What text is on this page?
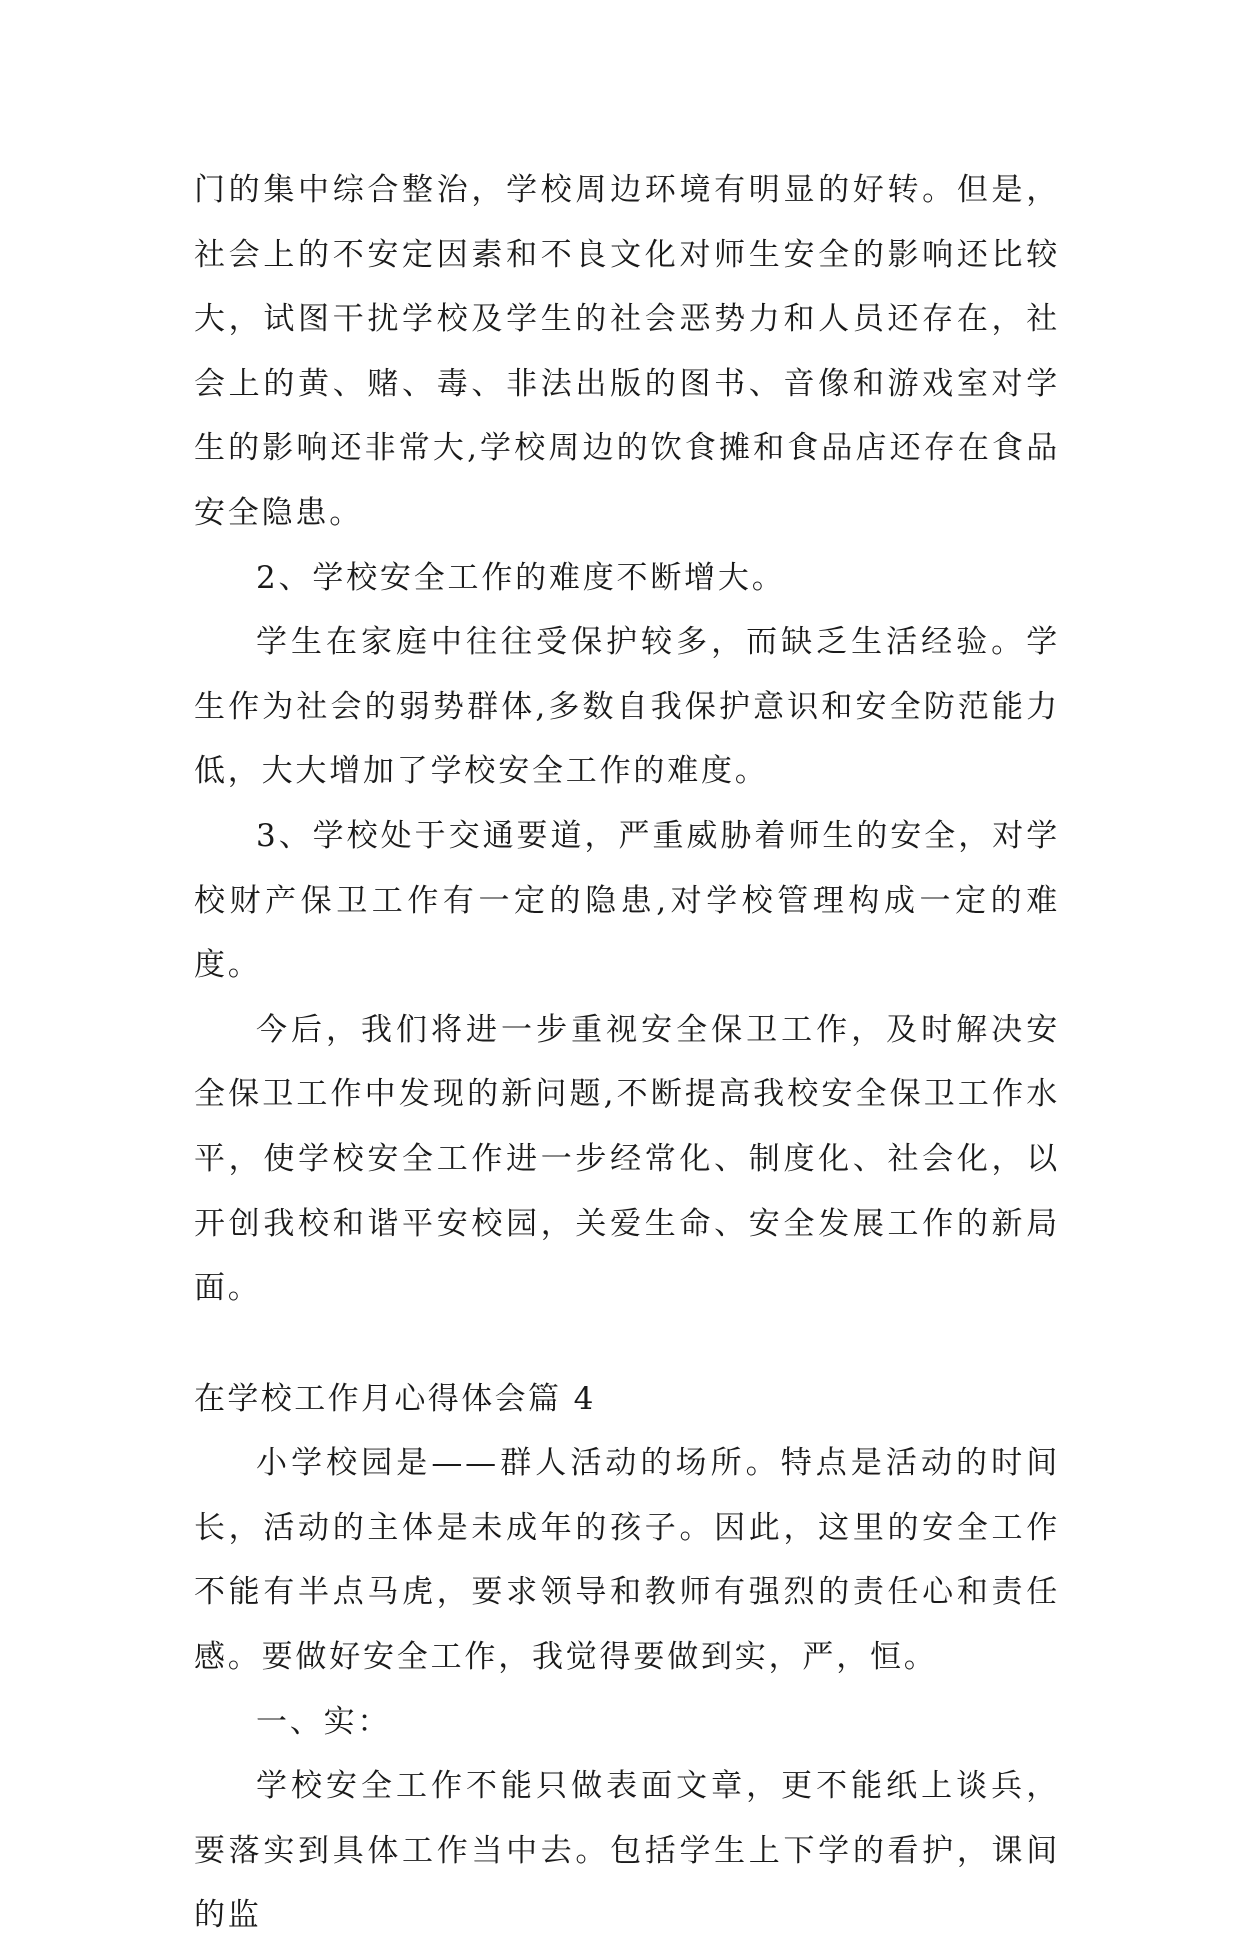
门的集中综合整治，学校周边环境有明显的好转。但是，社会上的不安定因素和不良文化对师生安全的影响还比较大，试图干扰学校及学生的社会恶势力和人员还存在，社会上的黄、赌、毒、非法出版的图书、音像和游戏室对学生的影响还非常大,学校周边的饮食摊和食品店还存在食品安全隐患。

2、学校安全工作的难度不断增大。

学生在家庭中往往受保护较多，而缺乏生活经验。学生作为社会的弱势群体,多数自我保护意识和安全防范能力低，大大增加了学校安全工作的难度。

3、学校处于交通要道，严重威胁着师生的安全，对学校财产保卫工作有一定的隐患,对学校管理构成一定的难度。

今后，我们将进一步重视安全保卫工作，及时解决安全保卫工作中发现的新问题,不断提高我校安全保卫工作水平，使学校安全工作进一步经常化、制度化、社会化，以开创我校和谐平安校园，关爱生命、安全发展工作的新局面。

在学校工作月心得体会篇 4

小学校园是——群人活动的场所。特点是活动的时间长，活动的主体是未成年的孩子。因此，这里的安全工作不能有半点马虎，要求领导和教师有强烈的责任心和责任感。要做好安全工作，我觉得要做到实，严，恒。

一、实：

学校安全工作不能只做表面文章，更不能纸上谈兵，要落实到具体工作当中去。包括学生上下学的看护，课间的监
